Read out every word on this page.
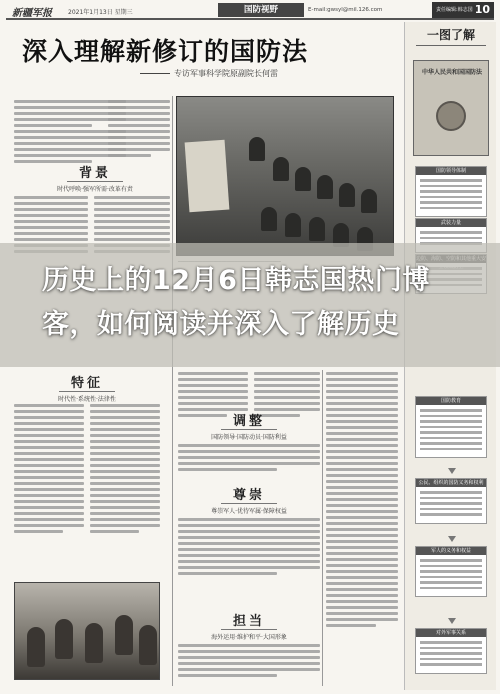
新疆军报	2021年1月13日 星期三	国防视野	E-mail:gwsyl@mil.126.com	责任编辑:韩志国 10
深入理解新修订的国防法
专访军事科学院原副院长何雷
背景
时代呼唤·强军所需·改革有责
━━━━━━━━━━━━━━━━━━━━━━━━━━━━━━━━━━━━━━
调整
国防领导·国防动员·国防利益
尊崇
尊崇军人·优待军属·保障权益
担当
海外运用·维护和平·大国形象
特征
时代性·系统性·法律性
一图了解
中华人民共和国国防法
国防领导体制
武装力量
国防教育
公民、组织的国防义务和权利
军人的义务和权益
对外军事关系
历史上的12月6日韩志国热门博客，如何阅读并深入了解历史
